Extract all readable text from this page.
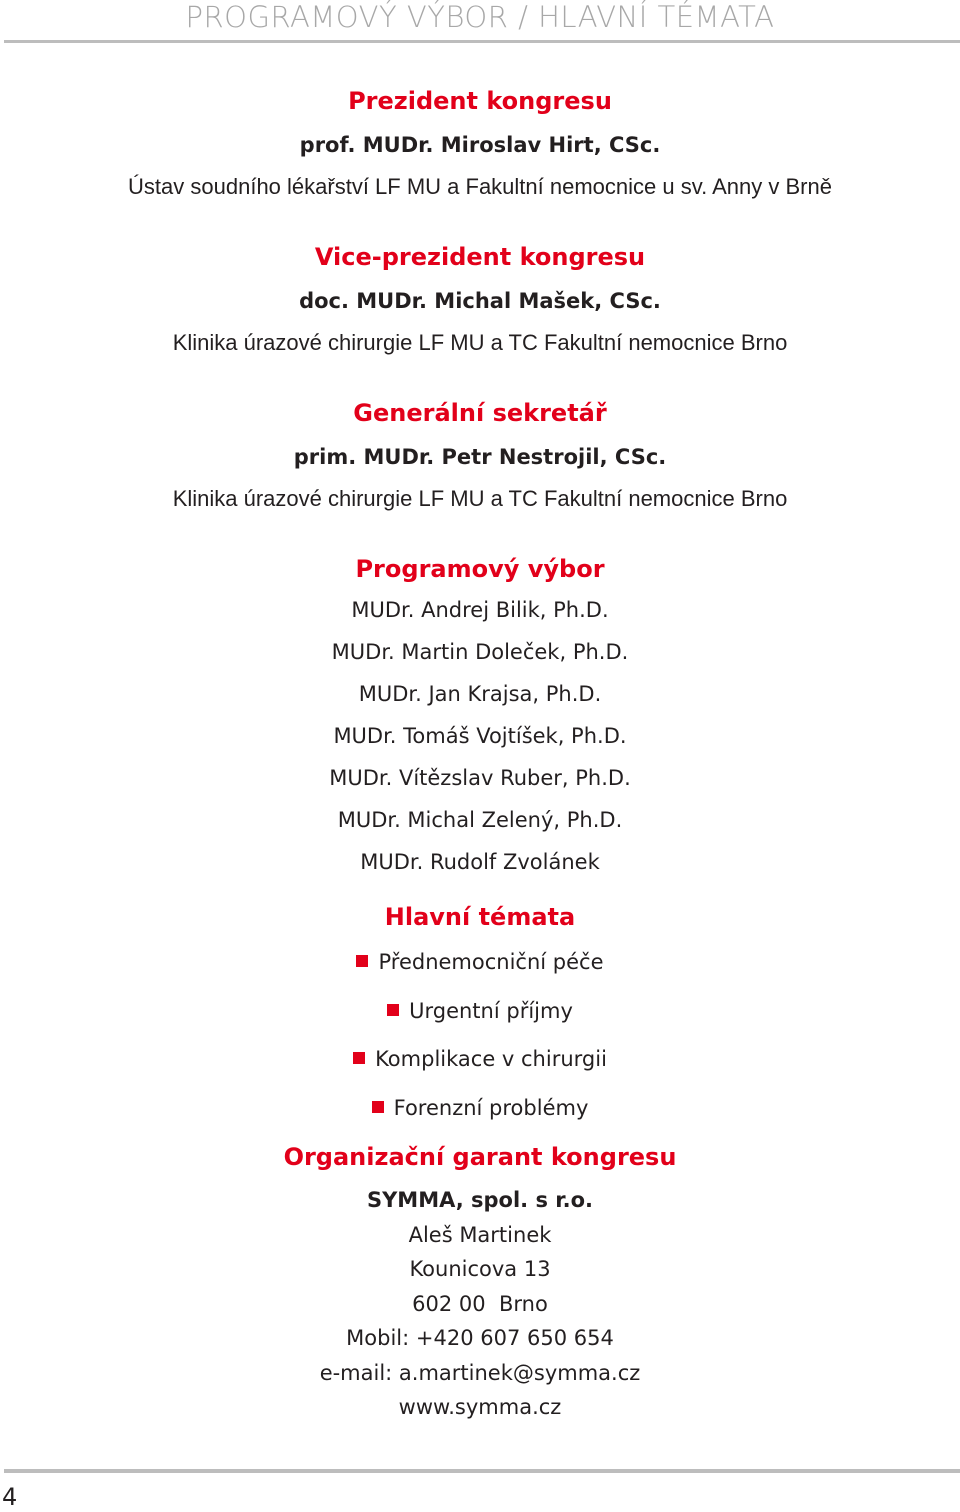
PROGRAMOVÝ VÝBOR / HLAVNÍ TÉMATA
Prezident kongresu
prof. MUDr. Miroslav Hirt, CSc.
Ústav soudního lékařství LF MU a Fakultní nemocnice u sv. Anny v Brně
Vice-prezident kongresu
doc. MUDr. Michal Mašek, CSc.
Klinika úrazové chirurgie LF MU a TC Fakultní nemocnice Brno
Generální sekretář
prim. MUDr. Petr Nestrojil, CSc.
Klinika úrazové chirurgie LF MU a TC Fakultní nemocnice Brno
Programový výbor
MUDr. Andrej Bilik, Ph.D.
MUDr. Martin Doleček, Ph.D.
MUDr. Jan Krajsa, Ph.D.
MUDr. Tomáš Vojtíšek, Ph.D.
MUDr. Vítězslav Ruber, Ph.D.
MUDr. Michal Zelený, Ph.D.
MUDr. Rudolf Zvolánek
Hlavní témata
Přednemocniční péče
Urgentní příjmy
Komplikace v chirurgii
Forenzní problémy
Organizační garant kongresu
SYMMA, spol. s r.o.
Aleš Martinek
Kounicova 13
602 00  Brno
Mobil: +420 607 650 654
e-mail: a.martinek@symma.cz
www.symma.cz
4
